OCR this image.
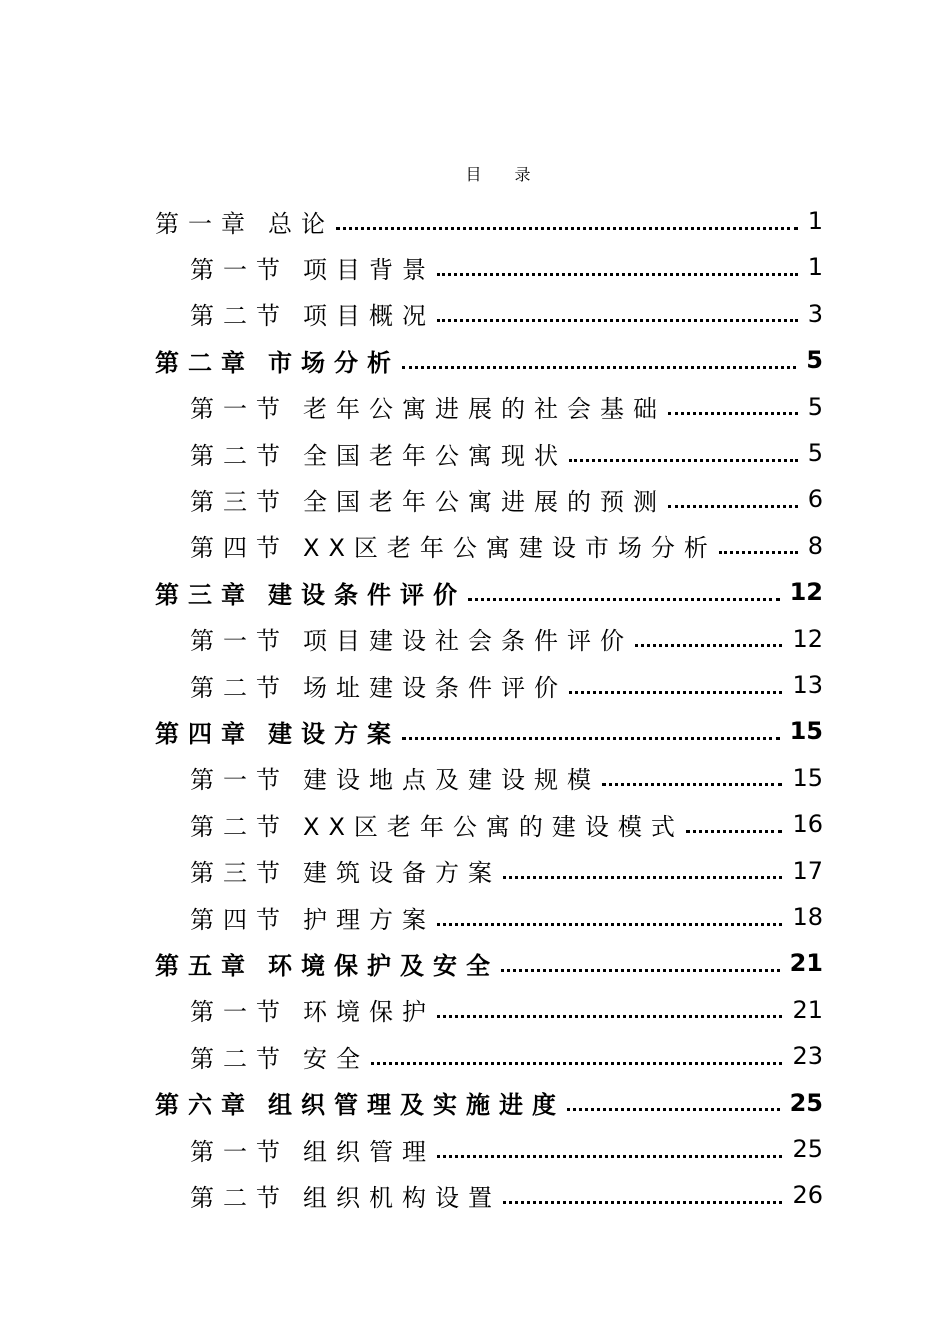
目 录
第一章 总论	1
第一节 项目背景	1
第二节 项目概况	3
第二章 市场分析	5
第一节 老年公寓进展的社会基础	5
第二节 全国老年公寓现状	5
第三节 全国老年公寓进展的预测	6
第四节 XX区老年公寓建设市场分析	8
第三章 建设条件评价	12
第一节 项目建设社会条件评价	12
第二节 场址建设条件评价	13
第四章 建设方案	15
第一节 建设地点及建设规模	15
第二节 XX区老年公寓的建设模式	16
第三节 建筑设备方案	17
第四节 护理方案	18
第五章 环境保护及安全	21
第一节 环境保护	21
第二节 安全	23
第六章 组织管理及实施进度	25
第一节 组织管理	25
第二节 组织机构设置	26
